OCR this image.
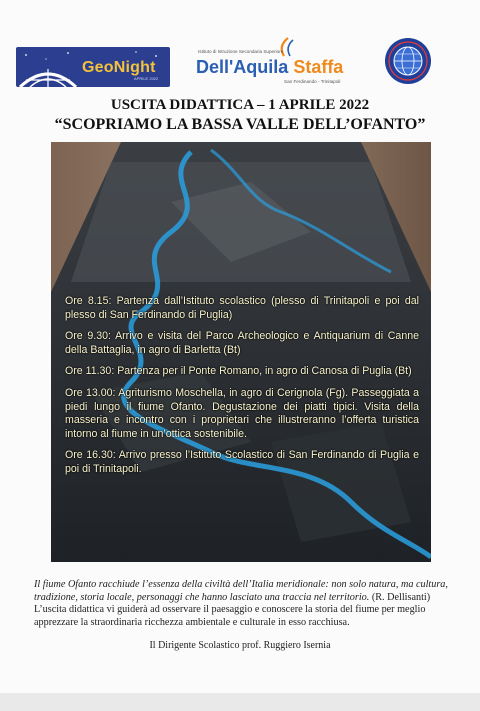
GeoNight
APRILE 2022
Istituto di Istruzione Secondaria Superiore
Dell'Aquila Staffa
San Ferdinando - Trinitapoli
USCITA DIDATTICA – 1 APRILE 2022
“SCOPRIAMO LA BASSA VALLE DELL’OFANTO”

Ore 8.15: Partenza dall’Istituto scolastico (plesso di Trinitapoli e poi dal plesso di San Ferdinando di Puglia)

Ore 9.30: Arrivo e visita del Parco Archeologico e Antiquarium di Canne della Battaglia, in agro di Barletta (Bt)

Ore 11.30: Partenza per il Ponte Romano, in agro di Canosa di Puglia (Bt)

Ore 13.00: Agriturismo Moschella, in agro di Cerignola (Fg). Passeggiata a piedi lungo il fiume Ofanto. Degustazione dei piatti tipici. Visita della masseria e incontro con i proprietari che illustreranno l’offerta turistica intorno al fiume in un’ottica sostenibile.

Ore 16.30: Arrivo presso l’Istituto Scolastico di San Ferdinando di Puglia e poi di Trinitapoli.

Il fiume Ofanto racchiude l’essenza della civiltà dell’Italia meridionale: non solo natura, ma cultura, tradizione, storia locale, personaggi che hanno lasciato una traccia nel territorio. (R. Dellisanti) L’uscita didattica vi guiderà ad osservare il paesaggio e conoscere la storia del fiume per meglio apprezzare la straordinaria ricchezza ambientale e culturale in esso racchiusa.
Il Dirigente Scolastico prof. Ruggiero Isernia
